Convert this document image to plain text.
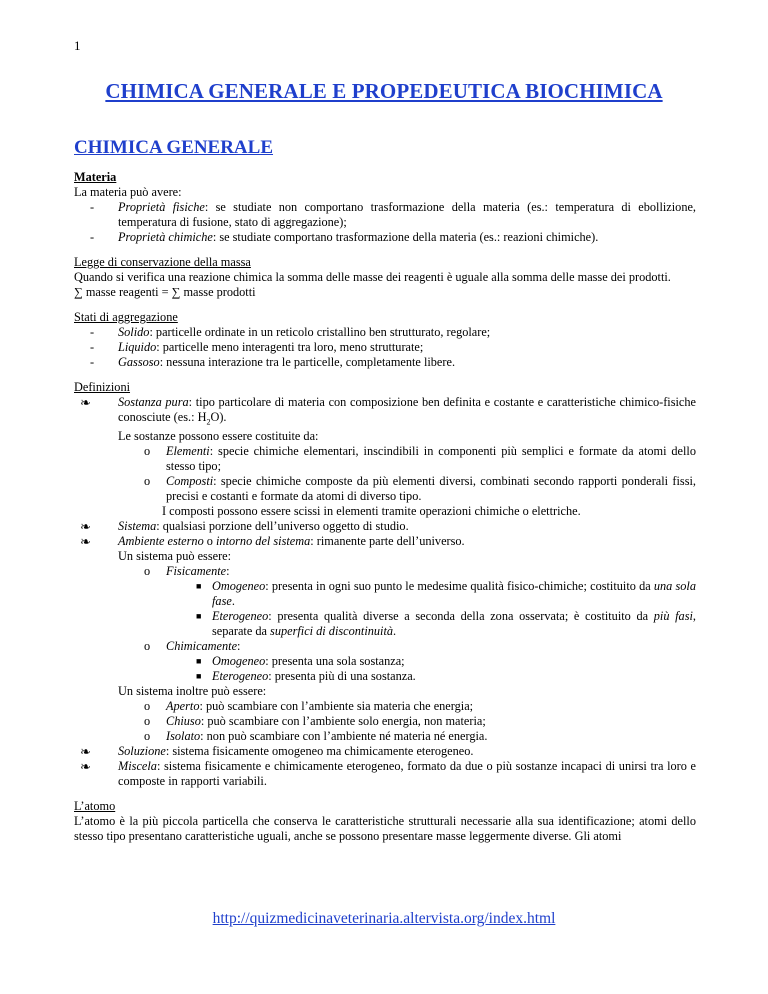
1
CHIMICA GENERALE E PROPEDEUTICA BIOCHIMICA
CHIMICA GENERALE

Materia

La materia può avere:

- Proprietà fisiche: se studiate non comportano trasformazione della materia (es.: temperatura di ebollizione, temperatura di fusione, stato di aggregazione);

- Proprietà chimiche: se studiate comportano trasformazione della materia (es.: reazioni chimiche).

Legge di conservazione della massa

Quando si verifica una reazione chimica la somma delle masse dei reagenti è uguale alla somma delle masse dei prodotti.

∑ masse reagenti = ∑ masse prodotti

Stati di aggregazione

- Solido: particelle ordinate in un reticolo cristallino ben strutturato, regolare;

- Liquido: particelle meno interagenti tra loro, meno strutturate;

- Gassoso: nessuna interazione tra le particelle, completamente libere.

Definizioni

❧ Sostanza pura: tipo particolare di materia con composizione ben definita e costante e caratteristiche chimico-fisiche conosciute (es.: $H_2O$).

Le sostanze possono essere costituite da:

o Elementi: specie chimiche elementari, inscindibili in componenti più semplici e formate da atomi dello stesso tipo;

o Composti: specie chimiche composte da più elementi diversi, combinati secondo rapporti ponderali fissi, precisi e costanti e formate da atomi di diverso tipo.

I composti possono essere scissi in elementi tramite operazioni chimiche o elettriche.

❧ Sistema: qualsiasi porzione dell’universo oggetto di studio.

❧ Ambiente esterno o intorno del sistema: rimanente parte dell’universo.

Un sistema può essere:

o Fisicamente:

■ Omogeneo: presenta in ogni suo punto le medesime qualità fisico-chimiche; costituito da una sola fase.

■ Eterogeneo: presenta qualità diverse a seconda della zona osservata; è costituito da più fasi, separate da superfici di discontinuità.

o Chimicamente:

■ Omogeneo: presenta una sola sostanza;

■ Eterogeneo: presenta più di una sostanza.

Un sistema inoltre può essere:

o Aperto: può scambiare con l’ambiente sia materia che energia;

o Chiuso: può scambiare con l’ambiente solo energia, non materia;

o Isolato: non può scambiare con l’ambiente né materia né energia.

❧ Soluzione: sistema fisicamente omogeneo ma chimicamente eterogeneo.

❧ Miscela: sistema fisicamente e chimicamente eterogeneo, formato da due o più sostanze incapaci di unirsi tra loro e composte in rapporti variabili.

L’atomo

L’atomo è la più piccola particella che conserva le caratteristiche strutturali necessarie alla sua identificazione; atomi dello stesso tipo presentano caratteristiche uguali, anche se possono presentare masse leggermente diverse. Gli atomi

http://quizmedicinaveterinaria.altervista.org/index.html
